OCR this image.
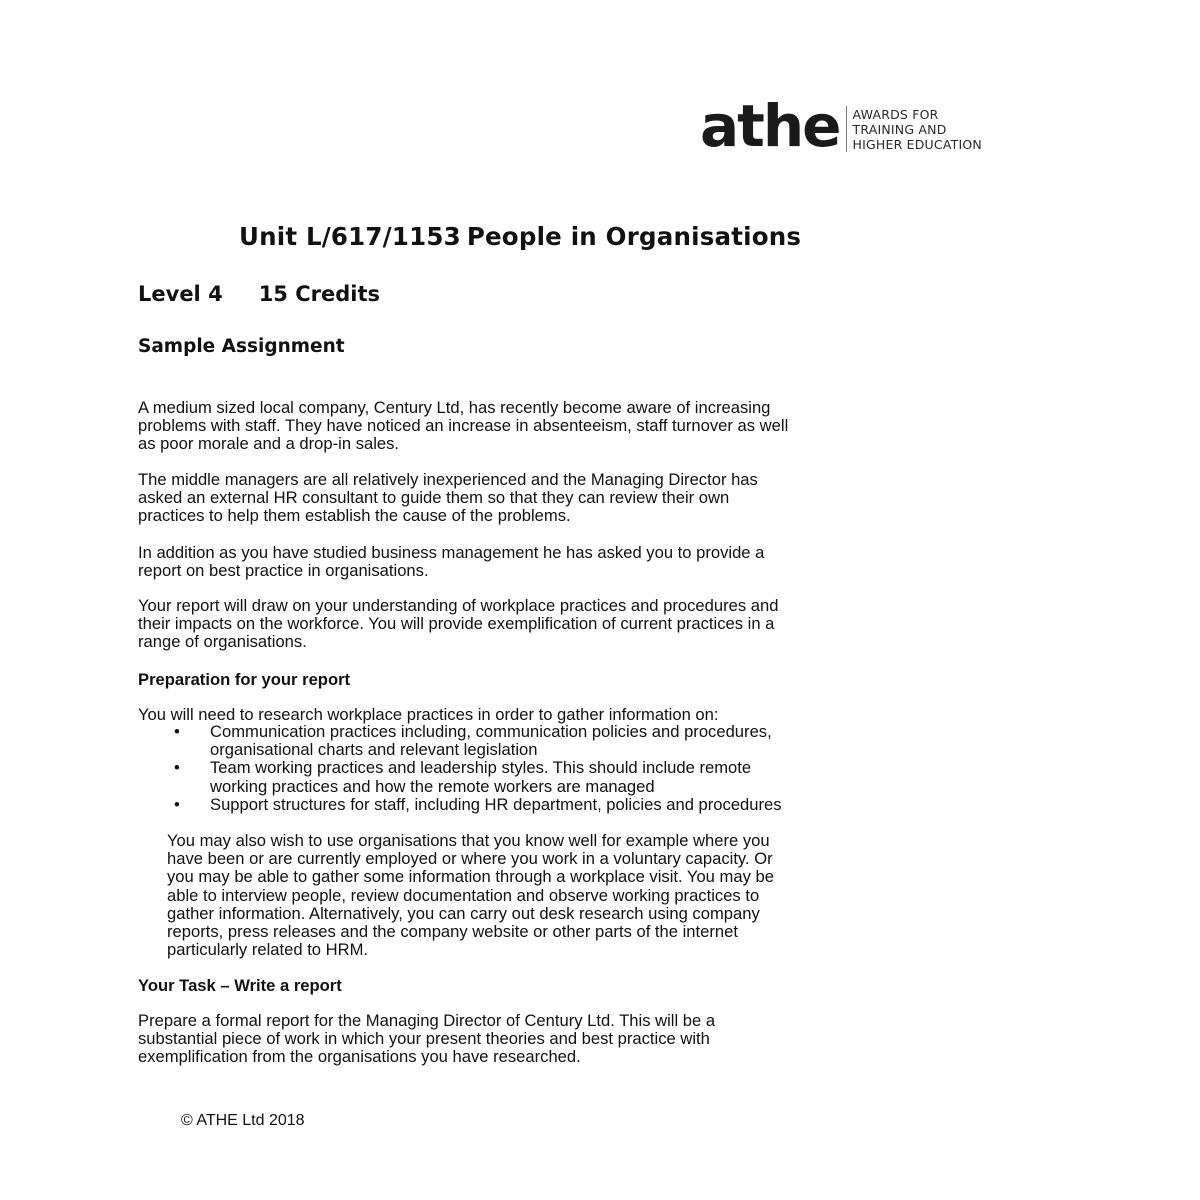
athe AWARDS FOR
TRAINING AND
HIGHER EDUCATION
Unit L/617/1153 People in Organisations
Level 4 15 Credits
Sample Assignment
A medium sized local company, Century Ltd, has recently become aware of increasing
problems with staff. They have noticed an increase in absenteeism, staff turnover as well
as poor morale and a drop-in sales.
The middle managers are all relatively inexperienced and the Managing Director has
asked an external HR consultant to guide them so that they can review their own
practices to help them establish the cause of the problems.
In addition as you have studied business management he has asked you to provide a
report on best practice in organisations.
Your report will draw on your understanding of workplace practices and procedures and
their impacts on the workforce. You will provide exemplification of current practices in a
range of organisations.
Preparation for your report
You will need to research workplace practices in order to gather information on:
• Communication practices including, communication policies and procedures,
organisational charts and relevant legislation
• Team working practices and leadership styles. This should include remote
working practices and how the remote workers are managed
• Support structures for staff, including HR department, policies and procedures
You may also wish to use organisations that you know well for example where you
have been or are currently employed or where you work in a voluntary capacity. Or
you may be able to gather some information through a workplace visit. You may be
able to interview people, review documentation and observe working practices to
gather information. Alternatively, you can carry out desk research using company
reports, press releases and the company website or other parts of the internet
particularly related to HRM.
Your Task – Write a report
Prepare a formal report for the Managing Director of Century Ltd. This will be a
substantial piece of work in which your present theories and best practice with
exemplification from the organisations you have researched.
© ATHE Ltd 2018
